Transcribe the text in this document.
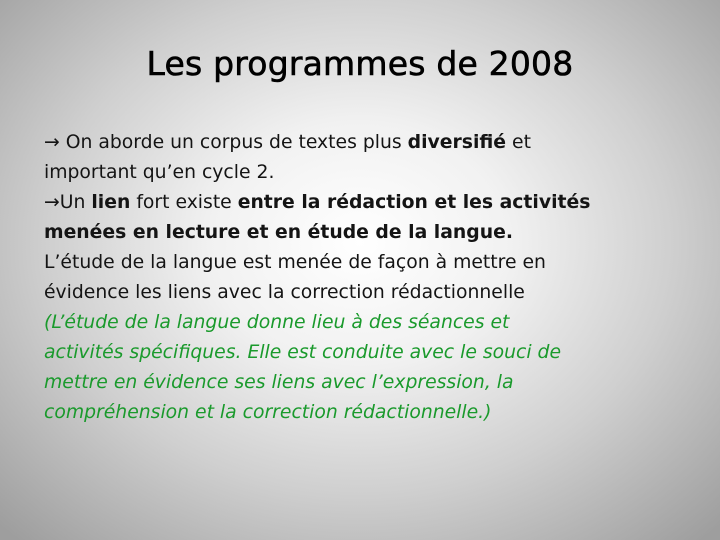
Les programmes de 2008
→ On aborde un corpus de textes plus diversifié et
important qu’en cycle 2.
→Un lien fort existe entre la rédaction et les activités
menées en lecture et en étude de la langue.
L’étude de la langue est menée de façon à mettre en
évidence les liens avec la correction rédactionnelle
(L’étude de la langue donne lieu à des séances et
activités spécifiques. Elle est conduite avec le souci de
mettre en évidence ses liens avec l’expression, la
compréhension et la correction rédactionnelle.)
